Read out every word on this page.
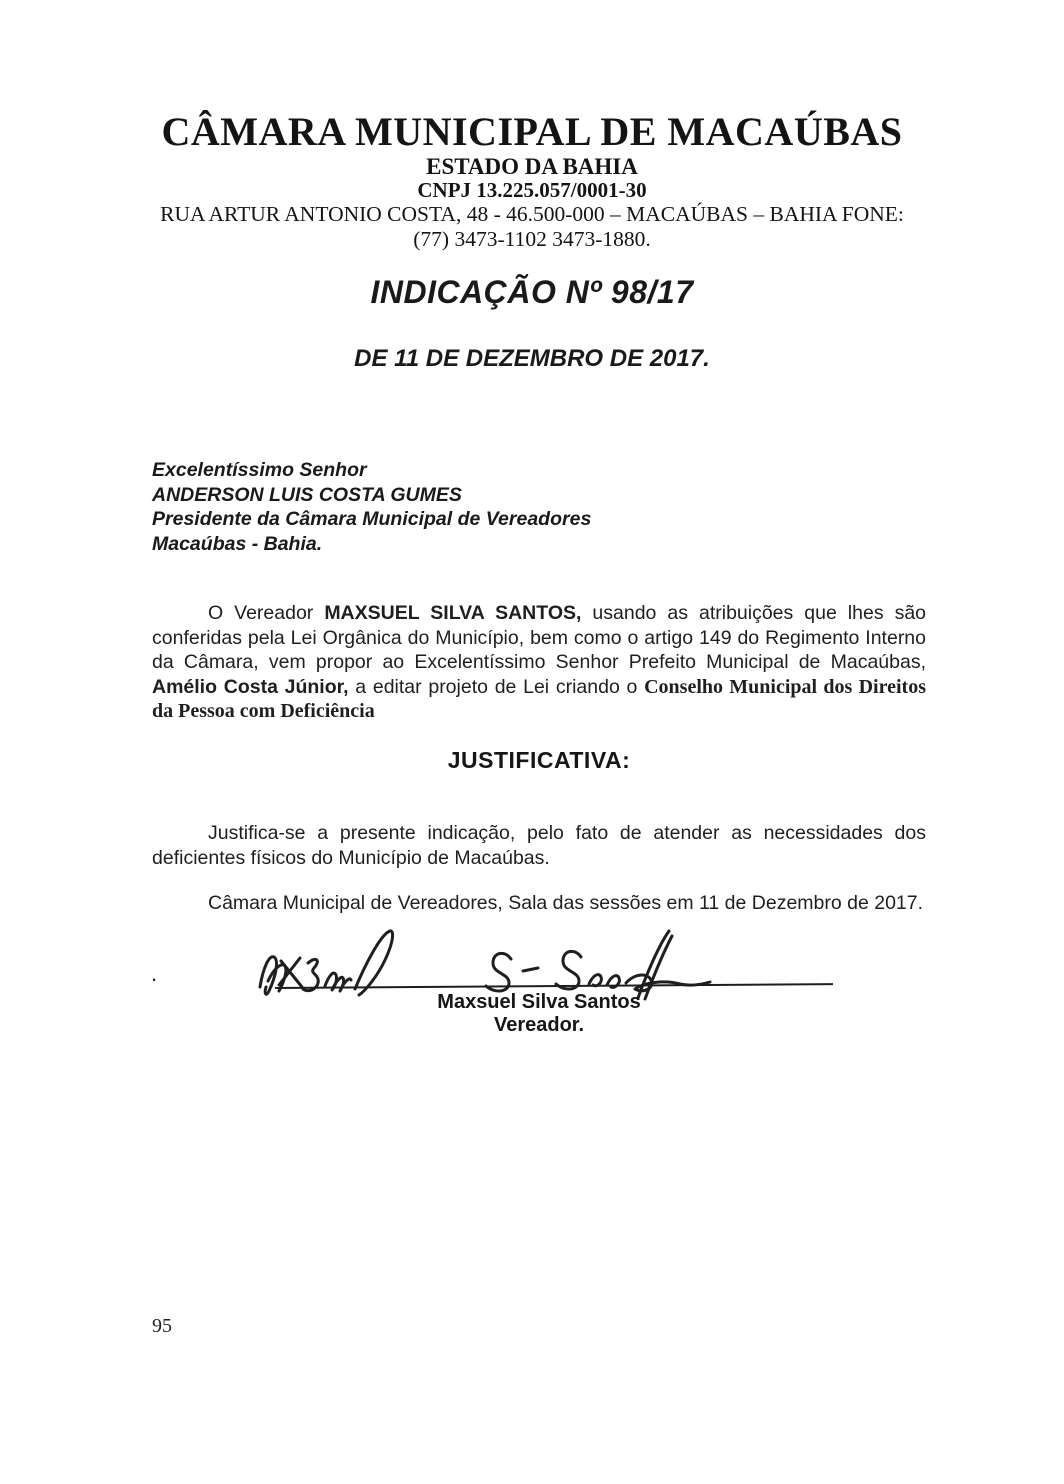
CÂMARA MUNICIPAL DE MACAÚBAS
ESTADO DA BAHIA
CNPJ 13.225.057/0001-30
RUA ARTUR ANTONIO COSTA, 48 - 46.500-000 – MACAÚBAS – BAHIA FONE:
(77) 3473-1102 3473-1880.
INDICAÇÃO Nº 98/17
DE 11 DE DEZEMBRO DE 2017.
Excelentíssimo Senhor
ANDERSON LUIS COSTA GUMES
Presidente da Câmara Municipal de Vereadores
Macaúbas - Bahia.
O Vereador MAXSUEL SILVA SANTOS, usando as atribuições que lhes são conferidas pela Lei Orgânica do Município, bem como o artigo 149 do Regimento Interno da Câmara, vem propor ao Excelentíssimo Senhor Prefeito Municipal de Macaúbas, Amélio Costa Júnior, a editar projeto de Lei criando o Conselho Municipal dos Direitos da Pessoa com Deficiência
JUSTIFICATIVA:
Justifica-se a presente indicação, pelo fato de atender as necessidades dos deficientes físicos do Município de Macaúbas.
Câmara Municipal de Vereadores, Sala das sessões em 11 de Dezembro de 2017.
.
Maxsuel Silva Santos
Vereador.
95
